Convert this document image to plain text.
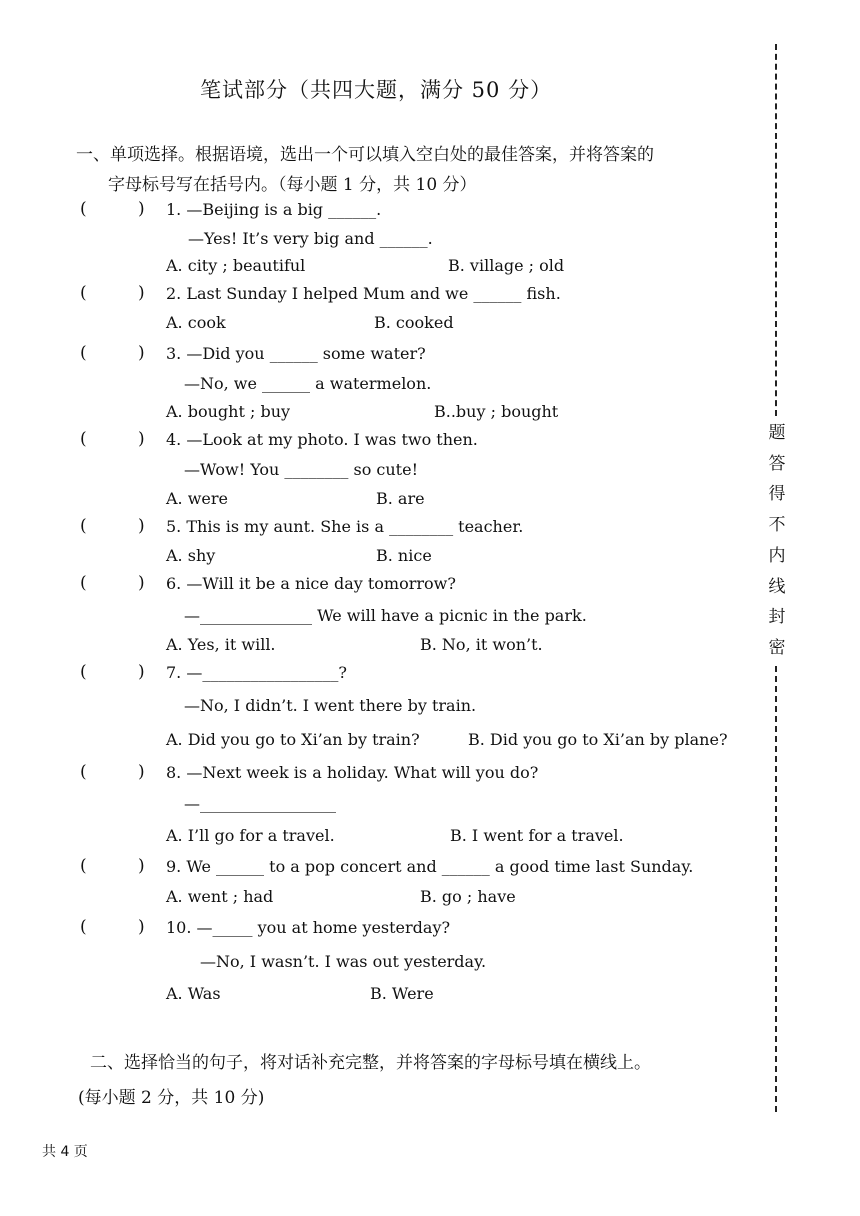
笔试部分（共四大题，满分 50 分）
一、单项选择。根据语境，选出一个可以填入空白处的最佳答案，并将答案的
字母标号写在括号内。（每小题 1 分，共 10 分）
(	) 1. —Beijing is a big ______.
—Yes! It’s very big and ______.
A. city ; beautiful	B. village ; old
(	) 2. Last Sunday I helped Mum and we ______ fish.
A. cook	B. cooked
(	) 3. —Did you ______ some water?
—No, we ______ a watermelon.
A. bought ; buy	B..buy ; bought
(	) 4. —Look at my photo. I was two then.
—Wow! You ________ so cute!
A. were	B. are
(	) 5. This is my aunt. She is a ________ teacher.
A. shy	B. nice
(	) 6. —Will it be a nice day tomorrow?
—______________ We will have a picnic in the park.
A. Yes, it will.	B. No, it won’t.
(	) 7. —_________________?
—No, I didn’t. I went there by train.
A. Did you go to Xi’an by train?	B. Did you go to Xi’an by plane?
(	) 8. —Next week is a holiday. What will you do?
—_________________
A. I’ll go for a travel.	B. I went for a travel.
(	) 9. We ______ to a pop concert and ______ a good time last Sunday.
A. went ; had	B. go ; have
(	) 10. —_____ you at home yesterday?
—No, I wasn’t. I was out yesterday.
A. Was	B. Were
二、选择恰当的句子，将对话补充完整，并将答案的字母标号填在横线上。
(每小题 2 分，共 10 分)
题
答
得
不
内
线
封
密
共 4 页
